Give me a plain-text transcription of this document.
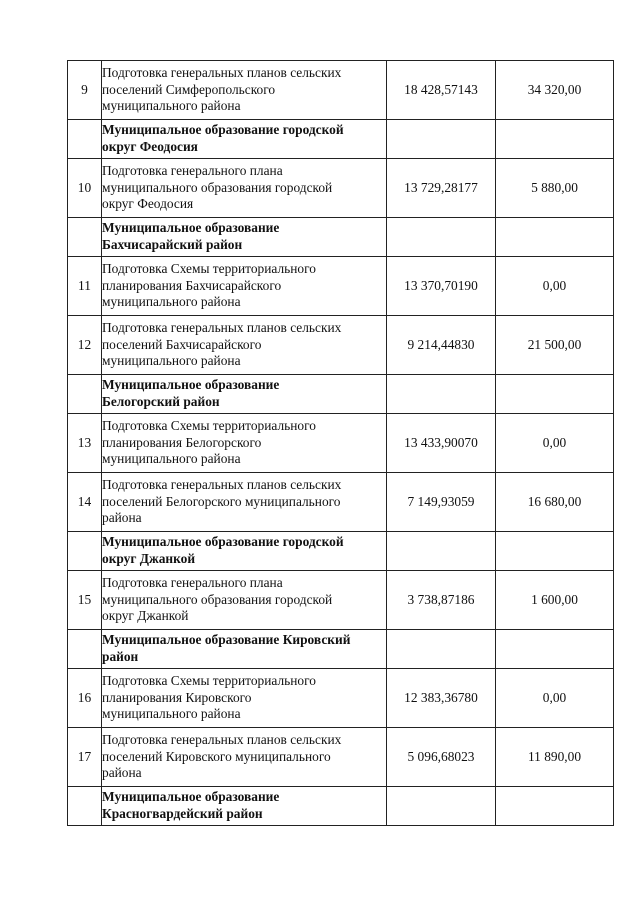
9	Подготовка генеральных планов сельских
поселений Симферопольского
муниципального района	18 428,57143	34 320,00

	Муниципальное образование городской
округ Феодосия		

10	Подготовка генерального плана
муниципального образования городской
округ Феодосия	13 729,28177	5 880,00

	Муниципальное образование
Бахчисарайский район		

11	Подготовка Схемы территориального
планирования Бахчисарайского
муниципального района	13 370,70190	0,00
12	Подготовка генеральных планов сельских
поселений Бахчисарайского
муниципального района	9 214,44830	21 500,00

	Муниципальное образование
Белогорский район		

13	Подготовка Схемы территориального
планирования Белогорского
муниципального района	13 433,90070	0,00
14	Подготовка генеральных планов сельских
поселений Белогорского муниципального
района	7 149,93059	16 680,00

	Муниципальное образование городской
округ Джанкой		

15	Подготовка генерального плана
муниципального образования городской
округ Джанкой	3 738,87186	1 600,00

	Муниципальное образование Кировский
район		

16	Подготовка Схемы территориального
планирования Кировского
муниципального района	12 383,36780	0,00
17	Подготовка генеральных планов сельских
поселений Кировского муниципального
района	5 096,68023	11 890,00

	Муниципальное образование
Красногвардейский район		
